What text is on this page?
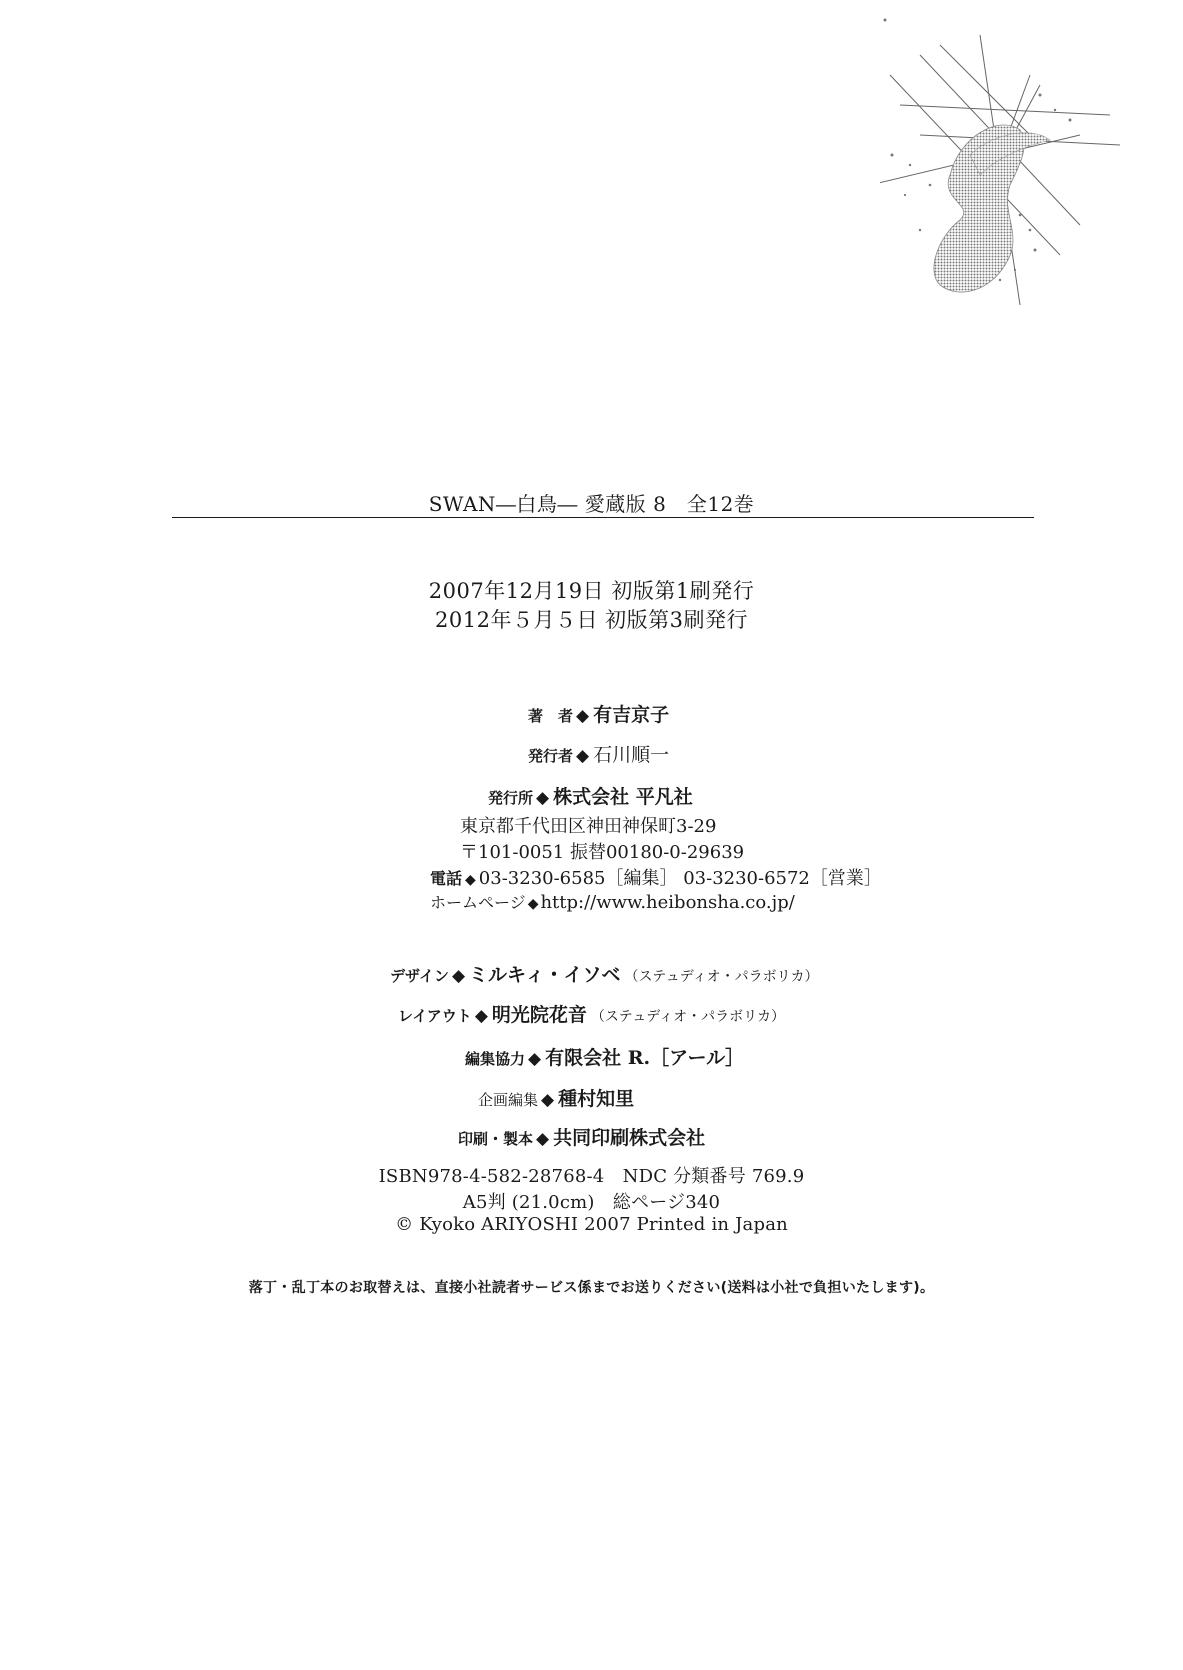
SWAN―白鳥― 愛蔵版 8　全12巻
2007年12月19日 初版第1刷発行
2012年５月５日 初版第3刷発行
著　者 ◆ 有吉京子
発行者 ◆ 石川順一
発行所 ◆ 株式会社 平凡社
東京都千代田区神田神保町3-29
〒101-0051 振替00180-0-29639
電話 ◆ 03-3230-6585［編集］ 03-3230-6572［営業］
ホームページ ◆ http://www.heibonsha.co.jp/
デザイン ◆ ミルキィ・イソベ （ステュディオ・パラボリカ）
レイアウト ◆ 明光院花音 （ステュディオ・パラボリカ）
編集協力 ◆ 有限会社 R.［アール］
企画編集 ◆ 種村知里
印刷・製本 ◆ 共同印刷株式会社
ISBN978-4-582-28768-4　NDC 分類番号 769.9
A5判 (21.0cm)　総ページ340
© Kyoko ARIYOSHI 2007 Printed in Japan
落丁・乱丁本のお取替えは、直接小社読者サービス係までお送りください(送料は小社で負担いたします)。
